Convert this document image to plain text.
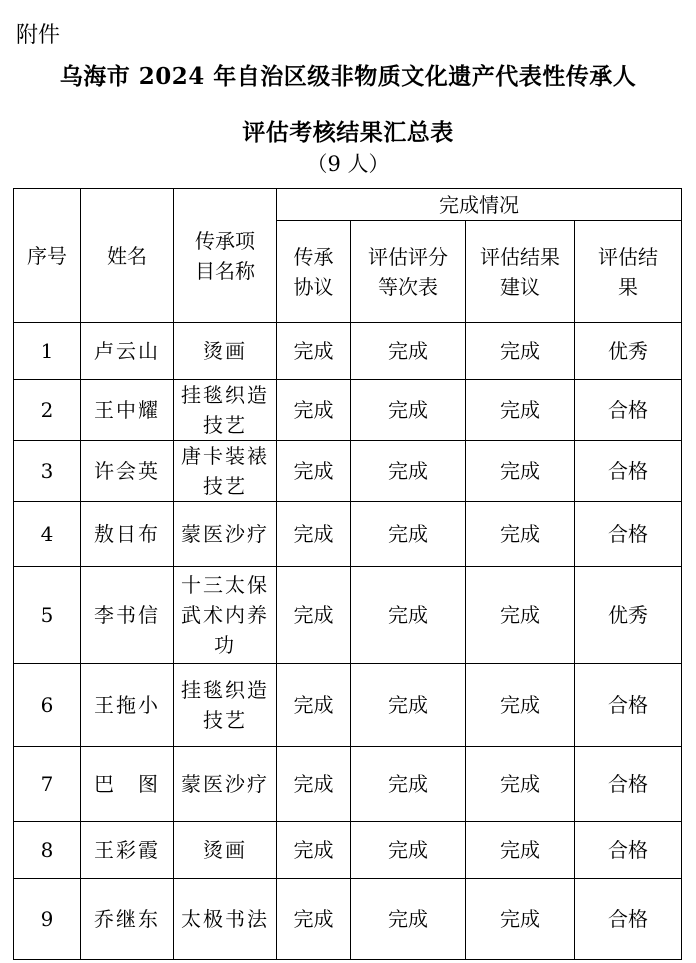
附件
乌海市 2024 年自治区级非物质文化遗产代表性传承人
评估考核结果汇总表
（9 人）
序号	姓名	传承项目名称	完成情况			
			传承协议	评估评分等次表	评估结果建议	评估结果
1	卢云山	烫画	完成	完成	完成	优秀
2	王中耀	挂毯织造技艺	完成	完成	完成	合格
3	许会英	唐卡装裱技艺	完成	完成	完成	合格
4	敖日布	蒙医沙疗	完成	完成	完成	合格
5	李书信	十三太保武术内养功	完成	完成	完成	优秀
6	王拖小	挂毯织造技艺	完成	完成	完成	合格
7	巴　图	蒙医沙疗	完成	完成	完成	合格
8	王彩霞	烫画	完成	完成	完成	合格
9	乔继东	太极书法	完成	完成	完成	合格
